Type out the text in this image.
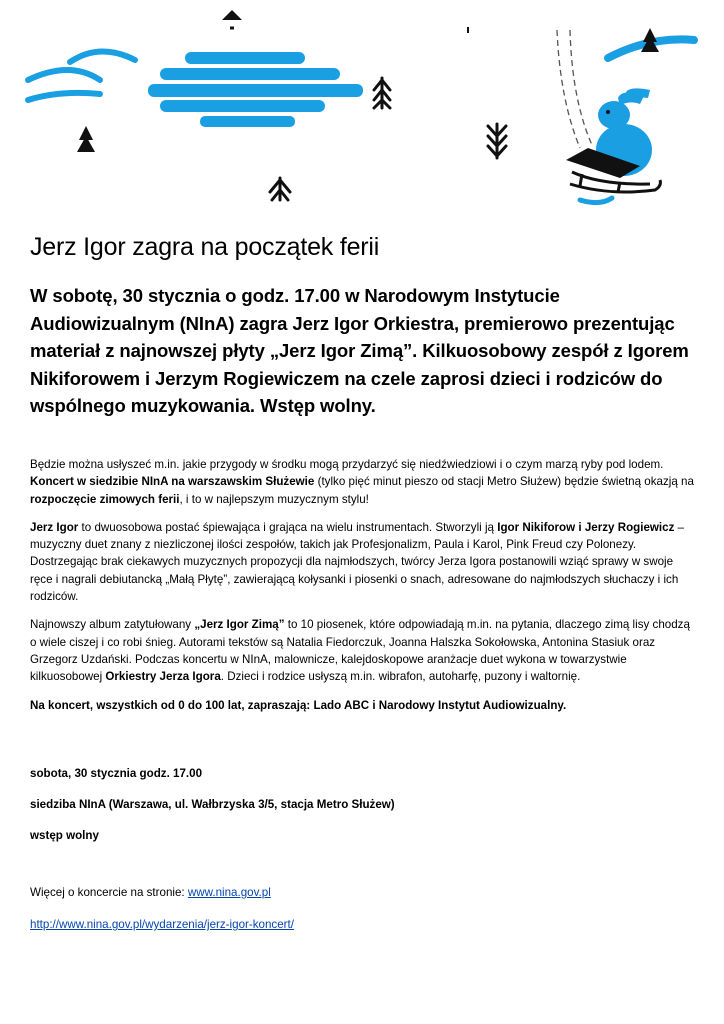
Jerz Igor zagra na początek ferii

W sobotę, 30 stycznia o godz. 17.00 w Narodowym Instytucie Audiowizualnym (NInA) zagra Jerz Igor Orkiestra, premierowo prezentując materiał z najnowszej płyty „Jerz Igor Zimą”. Kilkuosobowy zespół z Igorem Nikiforowem i Jerzym Rogiewiczem na czele zaprosi dzieci i rodziców do wspólnego muzykowania. Wstęp wolny.

Będzie można usłyszeć m.in. jakie przygody w środku mogą przydarzyć się niedźwiedziowi i o czym marzą ryby pod lodem. Koncert w siedzibie NInA na warszawskim Służewie (tylko pięć minut pieszo od stacji Metro Służew) będzie świetną okazją na rozpoczęcie zimowych ferii, i to w najlepszym muzycznym stylu!

Jerz Igor to dwuosobowa postać śpiewająca i grająca na wielu instrumentach. Stworzyli ją Igor Nikiforow i Jerzy Rogiewicz – muzyczny duet znany z niezliczonej ilości zespołów, takich jak Profesjonalizm, Paula i Karol, Pink Freud czy Polonezy. Dostrzegając brak ciekawych muzycznych propozycji dla najmłodszych, twórcy Jerza Igora postanowili wziąć sprawy w swoje ręce i nagrali debiutancką „Małą Płytę”, zawierającą kołysanki i piosenki o snach, adresowane do najmłodszych słuchaczy i ich rodziców.

Najnowszy album zatytułowany „Jerz Igor Zimą” to 10 piosenek, które odpowiadają m.in. na pytania, dlaczego zimą lisy chodzą o wiele ciszej i co robi śnieg. Autorami tekstów są Natalia Fiedorczuk, Joanna Halszka Sokołowska, Antonina Stasiuk oraz Grzegorz Uzdański. Podczas koncertu w NInA, malownicze, kalejdoskopowe aranżacje duet wykona w towarzystwie kilkuosobowej Orkiestry Jerza Igora. Dzieci i rodzice usłyszą m.in. wibrafon, autoharfę, puzony i waltornię.

Na koncert, wszystkich od 0 do 100 lat, zapraszają: Lado ABC i Narodowy Instytut Audiowizualny.

sobota, 30 stycznia godz. 17.00

siedziba NInA (Warszawa, ul. Wałbrzyska 3/5, stacja Metro Służew)

wstęp wolny

Więcej o koncercie na stronie: www.nina.gov.pl

http://www.nina.gov.pl/wydarzenia/jerz-igor-koncert/
